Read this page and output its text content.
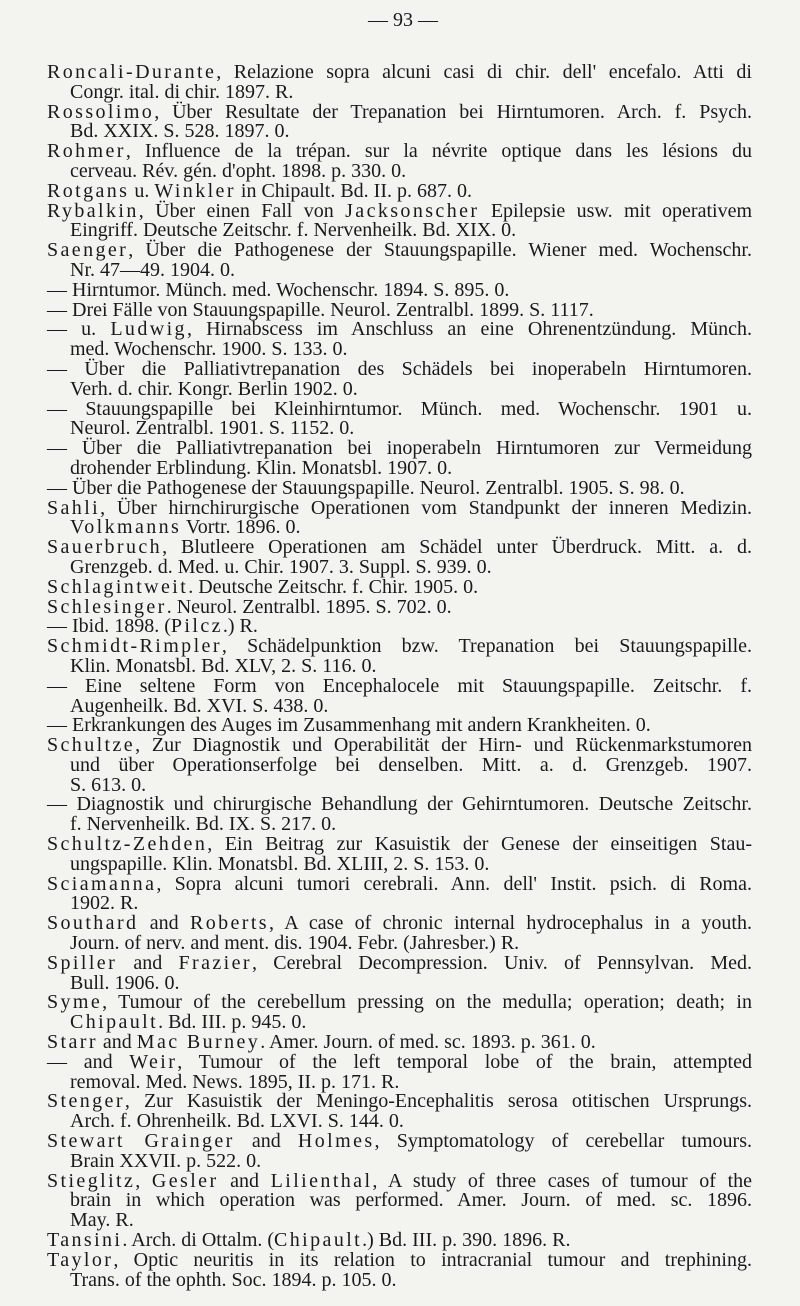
— 93 —
Roncali-Durante, Relazione sopra alcuni casi di chir. dell' encefalo. Atti di
Congr. ital. di chir. 1897. R.
Rossolimo, Über Resultate der Trepanation bei Hirntumoren. Arch. f. Psych.
Bd. XXIX. S. 528. 1897. 0.
Rohmer, Influence de la trépan. sur la névrite optique dans les lésions du
cerveau. Rév. gén. d'opht. 1898. p. 330. 0.
Rotgans u. Winkler in Chipault. Bd. II. p. 687. 0.
Rybalkin, Über einen Fall von Jacksonscher Epilepsie usw. mit operativem
Eingriff. Deutsche Zeitschr. f. Nervenheilk. Bd. XIX. 0.
Saenger, Über die Pathogenese der Stauungspapille. Wiener med. Wochenschr.
Nr. 47—49. 1904. 0.
— Hirntumor. Münch. med. Wochenschr. 1894. S. 895. 0.
— Drei Fälle von Stauungspapille. Neurol. Zentralbl. 1899. S. 1117.
— u. Ludwig, Hirnabscess im Anschluss an eine Ohrenentzündung. Münch.
med. Wochenschr. 1900. S. 133. 0.
— Über die Palliativtrepanation des Schädels bei inoperabeln Hirntumoren.
Verh. d. chir. Kongr. Berlin 1902. 0.
— Stauungspapille bei Kleinhirntumor. Münch. med. Wochenschr. 1901 u.
Neurol. Zentralbl. 1901. S. 1152. 0.
— Über die Palliativtrepanation bei inoperabeln Hirntumoren zur Vermeidung
drohender Erblindung. Klin. Monatsbl. 1907. 0.
— Über die Pathogenese der Stauungspapille. Neurol. Zentralbl. 1905. S. 98. 0.
Sahli, Über hirnchirurgische Operationen vom Standpunkt der inneren Medizin.
Volkmanns Vortr. 1896. 0.
Sauerbruch, Blutleere Operationen am Schädel unter Überdruck. Mitt. a. d.
Grenzgeb. d. Med. u. Chir. 1907. 3. Suppl. S. 939. 0.
Schlagintweit. Deutsche Zeitschr. f. Chir. 1905. 0.
Schlesinger. Neurol. Zentralbl. 1895. S. 702. 0.
— Ibid. 1898. (Pilcz.) R.
Schmidt-Rimpler, Schädelpunktion bzw. Trepanation bei Stauungspapille.
Klin. Monatsbl. Bd. XLV, 2. S. 116. 0.
— Eine seltene Form von Encephalocele mit Stauungspapille. Zeitschr. f.
Augenheilk. Bd. XVI. S. 438. 0.
— Erkrankungen des Auges im Zusammenhang mit andern Krankheiten. 0.
Schultze, Zur Diagnostik und Operabilität der Hirn- und Rückenmarkstumoren
und über Operationserfolge bei denselben. Mitt. a. d. Grenzgeb. 1907.
S. 613. 0.
— Diagnostik und chirurgische Behandlung der Gehirntumoren. Deutsche Zeitschr.
f. Nervenheilk. Bd. IX. S. 217. 0.
Schultz-Zehden, Ein Beitrag zur Kasuistik der Genese der einseitigen Stau-
ungspapille. Klin. Monatsbl. Bd. XLIII, 2. S. 153. 0.
Sciamanna, Sopra alcuni tumori cerebrali. Ann. dell' Instit. psich. di Roma.
1902. R.
Southard and Roberts, A case of chronic internal hydrocephalus in a youth.
Journ. of nerv. and ment. dis. 1904. Febr. (Jahresber.) R.
Spiller and Frazier, Cerebral Decompression. Univ. of Pennsylvan. Med.
Bull. 1906. 0.
Syme, Tumour of the cerebellum pressing on the medulla; operation; death; in
Chipault. Bd. III. p. 945. 0.
Starr and Mac Burney. Amer. Journ. of med. sc. 1893. p. 361. 0.
— and Weir, Tumour of the left temporal lobe of the brain, attempted
removal. Med. News. 1895, II. p. 171. R.
Stenger, Zur Kasuistik der Meningo-Encephalitis serosa otitischen Ursprungs.
Arch. f. Ohrenheilk. Bd. LXVI. S. 144. 0.
Stewart Grainger and Holmes, Symptomatology of cerebellar tumours.
Brain XXVII. p. 522. 0.
Stieglitz, Gesler and Lilienthal, A study of three cases of tumour of the
brain in which operation was performed. Amer. Journ. of med. sc. 1896.
May. R.
Tansini. Arch. di Ottalm. (Chipault.) Bd. III. p. 390. 1896. R.
Taylor, Optic neuritis in its relation to intracranial tumour and trephining.
Trans. of the ophth. Soc. 1894. p. 105. 0.
